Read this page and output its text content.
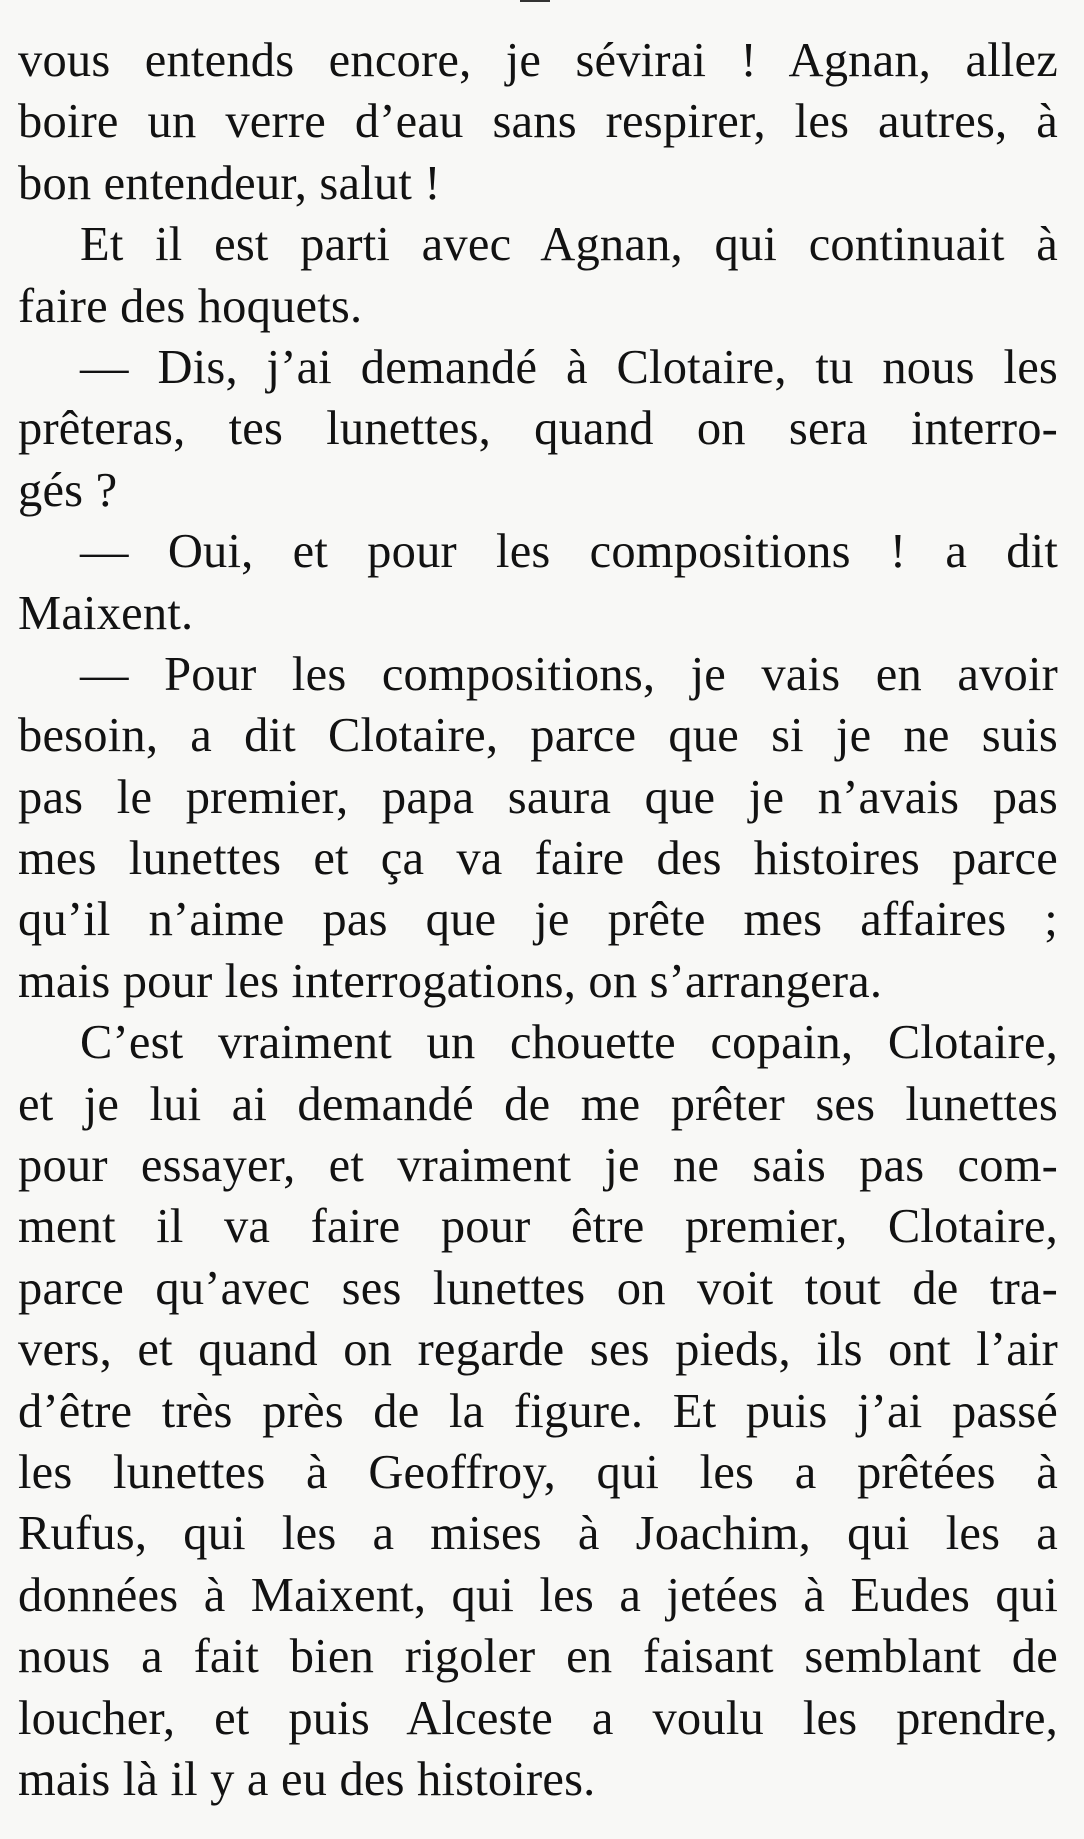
vous entends encore, je sévirai ! Agnan, allez
boire un verre d’eau sans respirer, les autres, à
bon entendeur, salut !
Et il est parti avec Agnan, qui continuait à
faire des hoquets.
— Dis, j’ai demandé à Clotaire, tu nous les
prêteras, tes lunettes, quand on sera interro-
gés ?
— Oui, et pour les compositions ! a dit
Maixent.
— Pour les compositions, je vais en avoir
besoin, a dit Clotaire, parce que si je ne suis
pas le premier, papa saura que je n’avais pas
mes lunettes et ça va faire des histoires parce
qu’il n’aime pas que je prête mes affaires ;
mais pour les interrogations, on s’arrangera.
C’est vraiment un chouette copain, Clotaire,
et je lui ai demandé de me prêter ses lunettes
pour essayer, et vraiment je ne sais pas com-
ment il va faire pour être premier, Clotaire,
parce qu’avec ses lunettes on voit tout de tra-
vers, et quand on regarde ses pieds, ils ont l’air
d’être très près de la figure. Et puis j’ai passé
les lunettes à Geoffroy, qui les a prêtées à
Rufus, qui les a mises à Joachim, qui les a
données à Maixent, qui les a jetées à Eudes qui
nous a fait bien rigoler en faisant semblant de
loucher, et puis Alceste a voulu les prendre,
mais là il y a eu des histoires.
